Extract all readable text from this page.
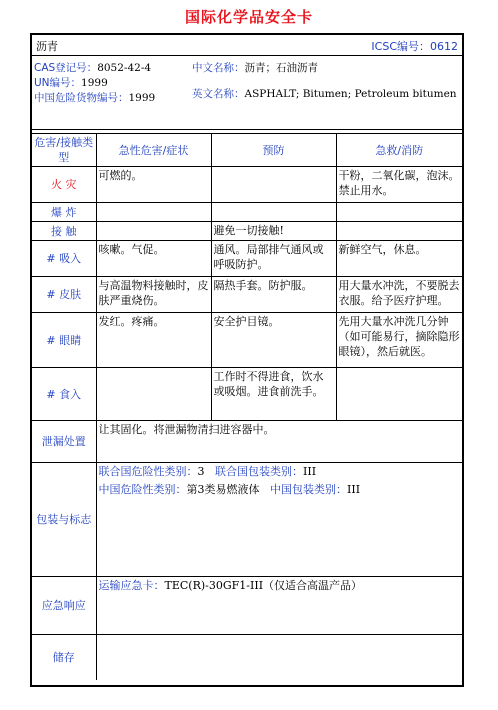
国际化学品安全卡
沥青	ICSC编号：0612
CAS登记号：8052-42-4
UN编号：1999
中国危险货物编号：1999
中文名称：沥青；石油沥青
英文名称：ASPHALT; Bitumen; Petroleum bitumen
危害/接触类型	急性危害/症状	预防	急救/消防
火 灾	可燃的。		干粉，二氧化碳，泡沫。禁止用水。
爆 炸			
接 触		避免一切接触!	
# 吸入	咳嗽。气促。	通风。局部排气通风或呼吸防护。	新鲜空气，休息。
# 皮肤	与高温物料接触时，皮肤严重烧伤。	隔热手套。防护服。	用大量水冲洗，不要脱去衣服。给予医疗护理。
# 眼睛	发红。疼痛。	安全护目镜。	先用大量水冲洗几分钟（如可能易行，摘除隐形眼镜），然后就医。
# 食入		工作时不得进食，饮水或吸烟。进食前洗手。	
泄漏处置	让其固化。将泄漏物清扫进容器中。		
包装与标志	联合国危险性类别：3 联合国包装类别：III
中国危险性类别：第3类易燃液体 中国包装类别：III		

应急响应	运输应急卡：TEC(R)-30GF1-III（仅适合高温产品）		

储存			
